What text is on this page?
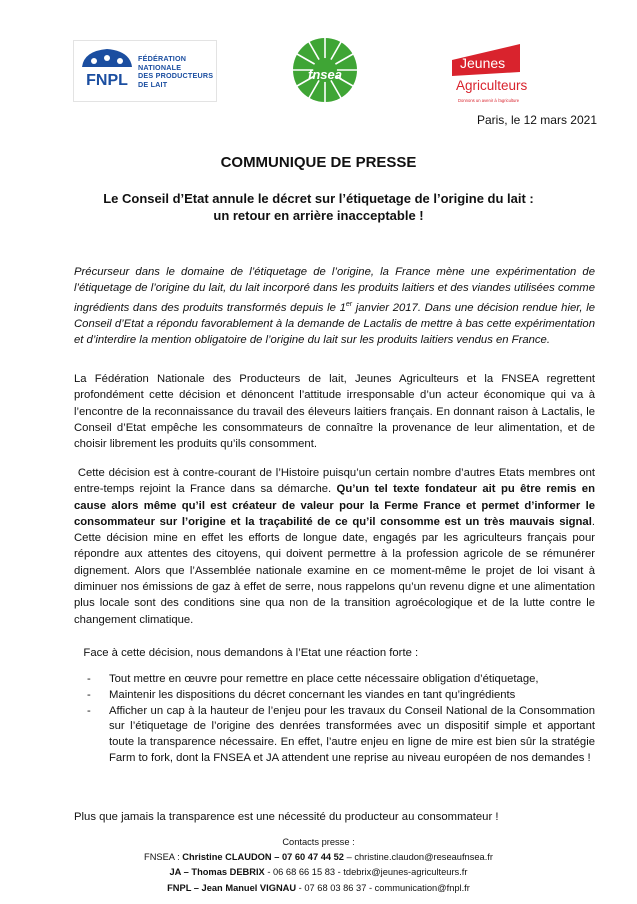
FNPL
FÉDÉRATION
NATIONALE
DES PRODUCTEURS
DE LAIT
fnsea
Jeunes
Agriculteurs
Donnons un avenir à l'agriculture
Paris, le 12 mars 2021
COMMUNIQUE DE PRESSE
Le Conseil d’Etat annule le décret sur l’étiquetage de l’origine du lait :
un retour en arrière inacceptable !
Précurseur dans le domaine de l’étiquetage de l’origine, la France mène une expérimentation de l’étiquetage de l’origine du lait, du lait incorporé dans les produits laitiers et des viandes utilisées comme ingrédients dans des produits transformés depuis le 1er janvier 2017. Dans une décision rendue hier, le Conseil d’Etat a répondu favorablement à la demande de Lactalis de mettre à bas cette expérimentation et d’interdire la mention obligatoire de l’origine du lait sur les produits laitiers vendus en France.
La Fédération Nationale des Producteurs de lait, Jeunes Agriculteurs et la FNSEA regrettent profondément cette décision et dénoncent l’attitude irresponsable d’un acteur économique qui va à l’encontre de la reconnaissance du travail des éleveurs laitiers français. En donnant raison à Lactalis, le Conseil d’Etat empêche les consommateurs de connaître la provenance de leur alimentation, et de choisir librement les produits qu’ils consomment.
Cette décision est à contre-courant de l’Histoire puisqu’un certain nombre d’autres Etats membres ont entre-temps rejoint la France dans sa démarche. Qu’un tel texte fondateur ait pu être remis en cause alors même qu’il est créateur de valeur pour la Ferme France et permet d’informer le consommateur sur l’origine et la traçabilité de ce qu’il consomme est un très mauvais signal. Cette décision mine en effet les efforts de longue date, engagés par les agriculteurs français pour répondre aux attentes des citoyens, qui doivent permettre à la profession agricole de se rémunérer dignement. Alors que l’Assemblée nationale examine en ce moment-même le projet de loi visant à diminuer nos émissions de gaz à effet de serre, nous rappelons qu’un revenu digne et une alimentation plus locale sont des conditions sine qua non de la transition agroécologique et de la lutte contre le changement climatique.
Face à cette décision, nous demandons à l’Etat une réaction forte :
- Tout mettre en œuvre pour remettre en place cette nécessaire obligation d’étiquetage,
- Maintenir les dispositions du décret concernant les viandes en tant qu’ingrédients
- Afficher un cap à la hauteur de l’enjeu pour les travaux du Conseil National de la Consommation sur l’étiquetage de l’origine des denrées transformées avec un dispositif simple et apportant toute la transparence nécessaire. En effet, l’autre enjeu en ligne de mire est bien sûr la stratégie Farm to fork, dont la FNSEA et JA attendent une reprise au niveau européen de nos demandes !
Plus que jamais la transparence est une nécessité du producteur au consommateur !
Contacts presse :
FNSEA : Christine CLAUDON – 07 60 47 44 52 – christine.claudon@reseaufnsea.fr
JA – Thomas DEBRIX - 06 68 66 15 83 - tdebrix@jeunes-agriculteurs.fr
FNPL – Jean Manuel VIGNAU - 07 68 03 86 37 - communication@fnpl.fr
